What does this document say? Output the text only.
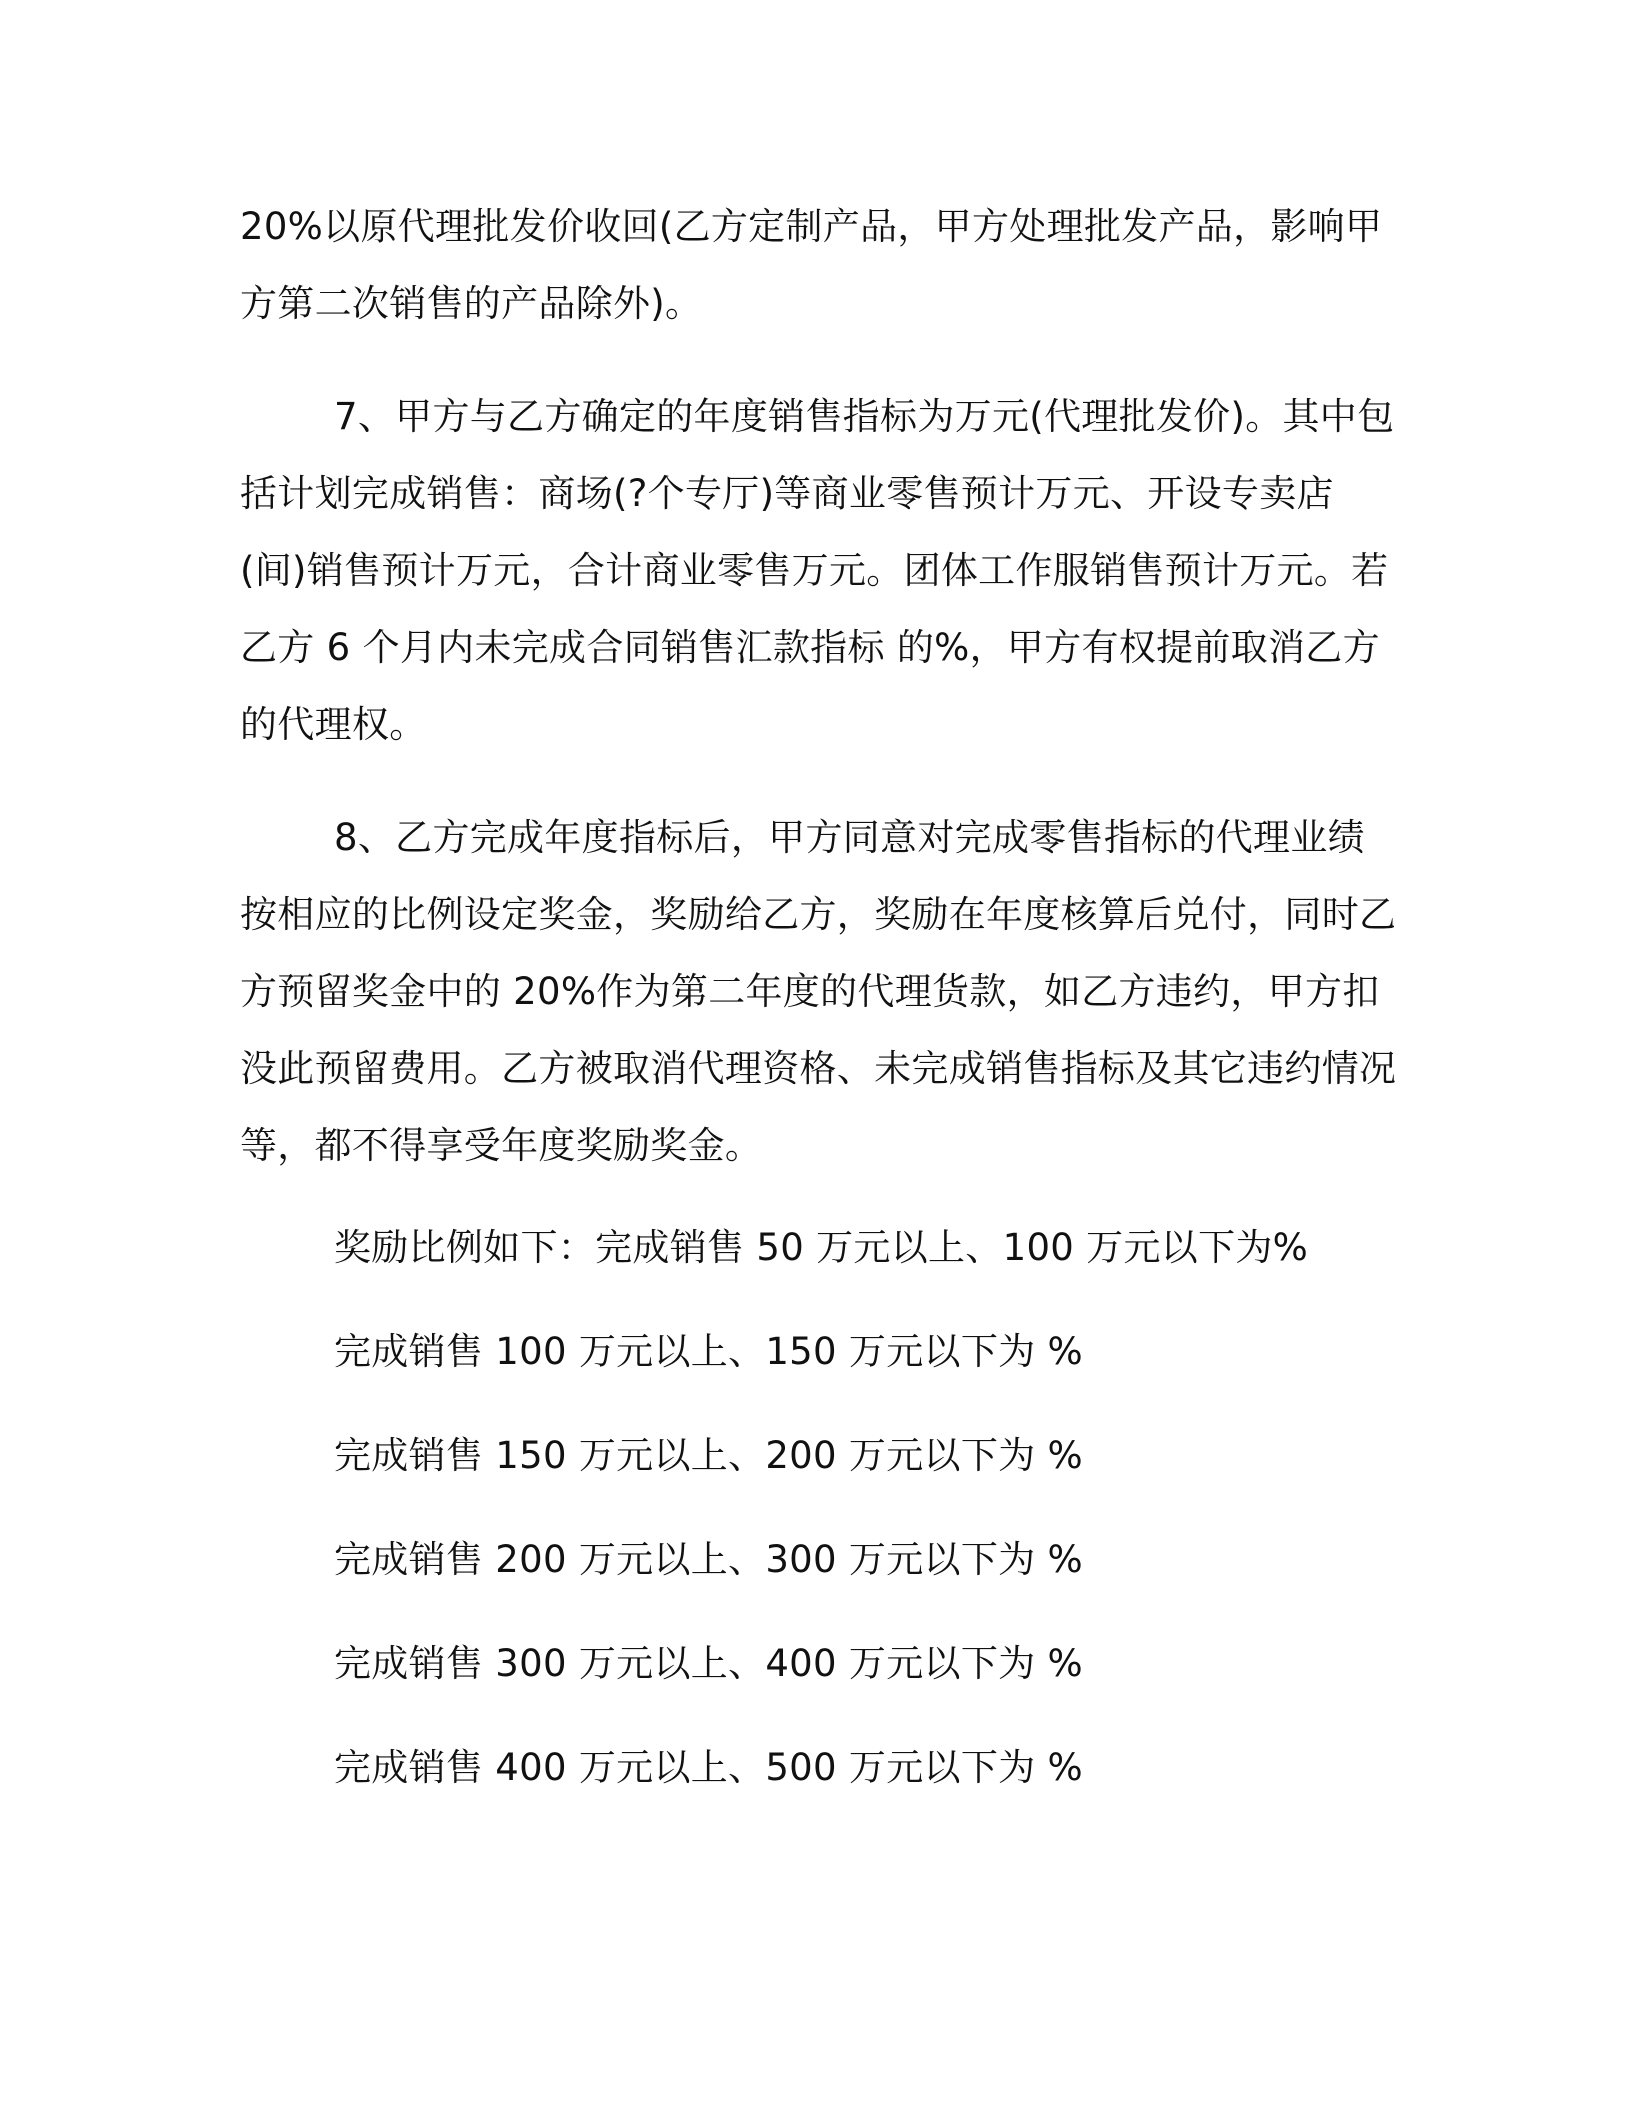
20%以原代理批发价收回(乙方定制产品，甲方处理批发产品，影响甲方第二次销售的产品除外)。

7、甲方与乙方确定的年度销售指标为万元(代理批发价)。其中包括计划完成销售：商场(?个专厅)等商业零售预计万元、开设专卖店(间)销售预计万元，合计商业零售万元。团体工作服销售预计万元。若乙方 6 个月内未完成合同销售汇款指标 的%，甲方有权提前取消乙方的代理权。

8、乙方完成年度指标后，甲方同意对完成零售指标的代理业绩按相应的比例设定奖金，奖励给乙方，奖励在年度核算后兑付，同时乙方预留奖金中的 20%作为第二年度的代理货款，如乙方违约，甲方扣没此预留费用。乙方被取消代理资格、未完成销售指标及其它违约情况等，都不得享受年度奖励奖金。

奖励比例如下：完成销售 50 万元以上、100 万元以下为%

完成销售 100 万元以上、150 万元以下为 %

完成销售 150 万元以上、200 万元以下为 %

完成销售 200 万元以上、300 万元以下为 %

完成销售 300 万元以上、400 万元以下为 %

完成销售 400 万元以上、500 万元以下为 %
